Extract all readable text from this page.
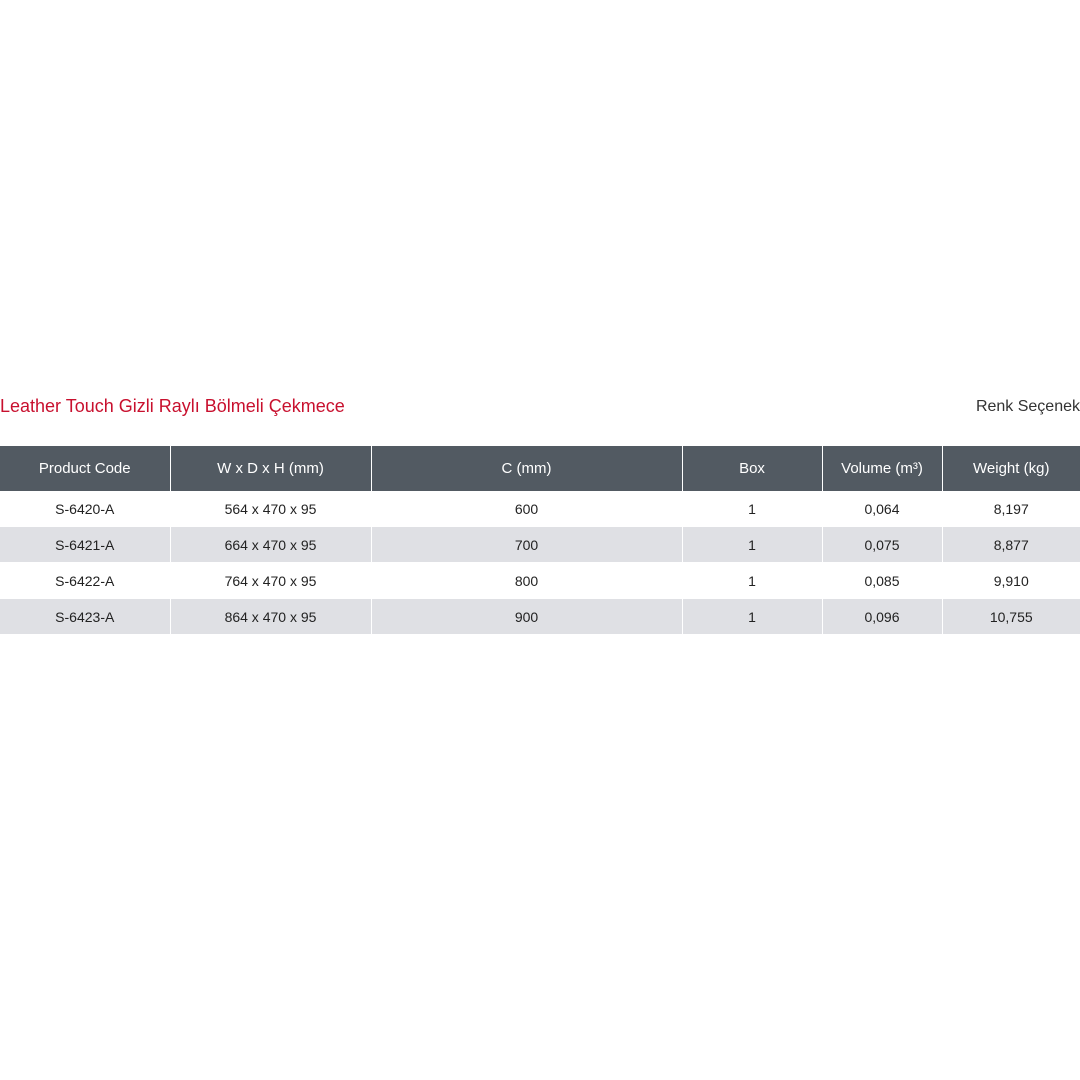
Leather Touch Gizli Raylı Bölmeli Çekmece	Renk Seçenek
Product Code	W x D x H (mm)	C (mm)	Box	Volume (m³)	Weight (kg)
S-6420-A	564 x 470 x 95	600	1	0,064	8,197
S-6421-A	664 x 470 x 95	700	1	0,075	8,877
S-6422-A	764 x 470 x 95	800	1	0,085	9,910
S-6423-A	864 x 470 x 95	900	1	0,096	10,755
